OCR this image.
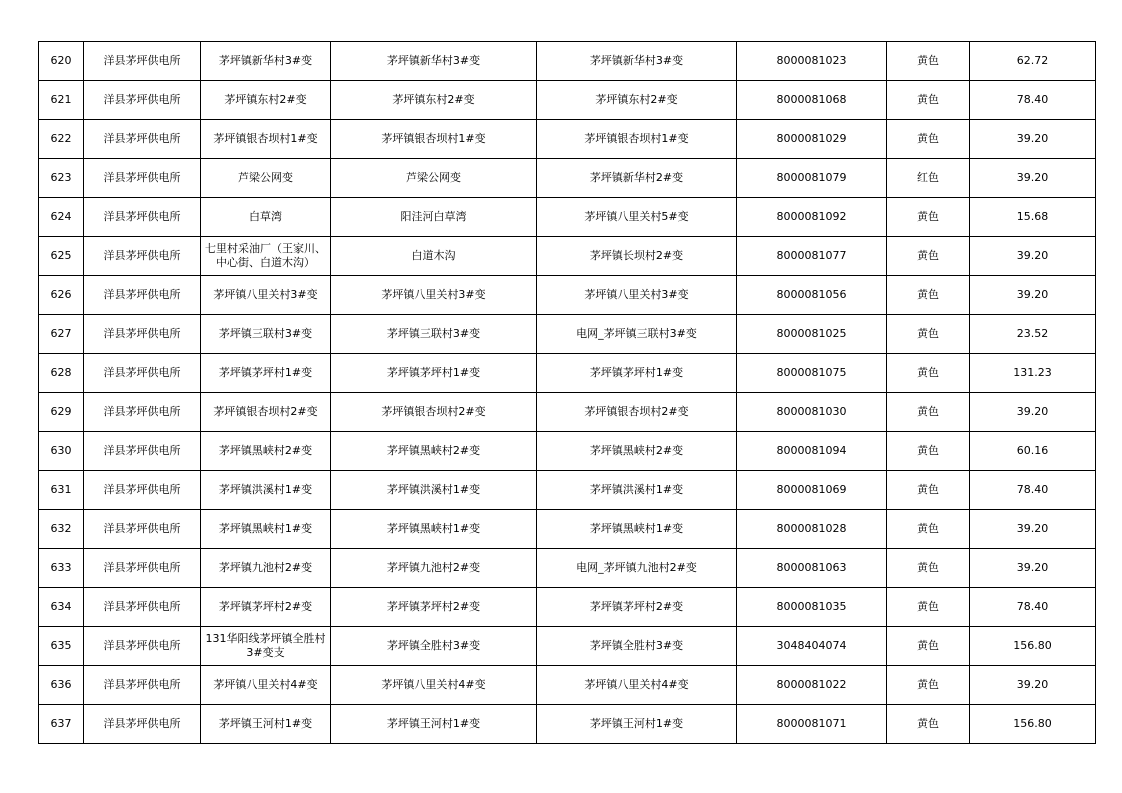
620	洋县茅坪供电所	茅坪镇新华村3#变	茅坪镇新华村3#变	茅坪镇新华村3#变	8000081023	黄色	62.72
621	洋县茅坪供电所	茅坪镇东村2#变	茅坪镇东村2#变	茅坪镇东村2#变	8000081068	黄色	78.40
622	洋县茅坪供电所	茅坪镇银杏坝村1#变	茅坪镇银杏坝村1#变	茅坪镇银杏坝村1#变	8000081029	黄色	39.20
623	洋县茅坪供电所	芦梁公网变	芦梁公网变	茅坪镇新华村2#变	8000081079	红色	39.20
624	洋县茅坪供电所	白草湾	阳洼河白草湾	茅坪镇八里关村5#变	8000081092	黄色	15.68
625	洋县茅坪供电所	七里村采油厂（王家川、中心街、白道木沟）	白道木沟	茅坪镇长坝村2#变	8000081077	黄色	39.20
626	洋县茅坪供电所	茅坪镇八里关村3#变	茅坪镇八里关村3#变	茅坪镇八里关村3#变	8000081056	黄色	39.20
627	洋县茅坪供电所	茅坪镇三联村3#变	茅坪镇三联村3#变	电网_茅坪镇三联村3#变	8000081025	黄色	23.52
628	洋县茅坪供电所	茅坪镇茅坪村1#变	茅坪镇茅坪村1#变	茅坪镇茅坪村1#变	8000081075	黄色	131.23
629	洋县茅坪供电所	茅坪镇银杏坝村2#变	茅坪镇银杏坝村2#变	茅坪镇银杏坝村2#变	8000081030	黄色	39.20
630	洋县茅坪供电所	茅坪镇黑峡村2#变	茅坪镇黑峡村2#变	茅坪镇黑峡村2#变	8000081094	黄色	60.16
631	洋县茅坪供电所	茅坪镇洪溪村1#变	茅坪镇洪溪村1#变	茅坪镇洪溪村1#变	8000081069	黄色	78.40
632	洋县茅坪供电所	茅坪镇黑峡村1#变	茅坪镇黑峡村1#变	茅坪镇黑峡村1#变	8000081028	黄色	39.20
633	洋县茅坪供电所	茅坪镇九池村2#变	茅坪镇九池村2#变	电网_茅坪镇九池村2#变	8000081063	黄色	39.20
634	洋县茅坪供电所	茅坪镇茅坪村2#变	茅坪镇茅坪村2#变	茅坪镇茅坪村2#变	8000081035	黄色	78.40
635	洋县茅坪供电所	131华阳线茅坪镇全胜村3#变支	茅坪镇全胜村3#变	茅坪镇全胜村3#变	3048404074	黄色	156.80
636	洋县茅坪供电所	茅坪镇八里关村4#变	茅坪镇八里关村4#变	茅坪镇八里关村4#变	8000081022	黄色	39.20
637	洋县茅坪供电所	茅坪镇王河村1#变	茅坪镇王河村1#变	茅坪镇王河村1#变	8000081071	黄色	156.80
